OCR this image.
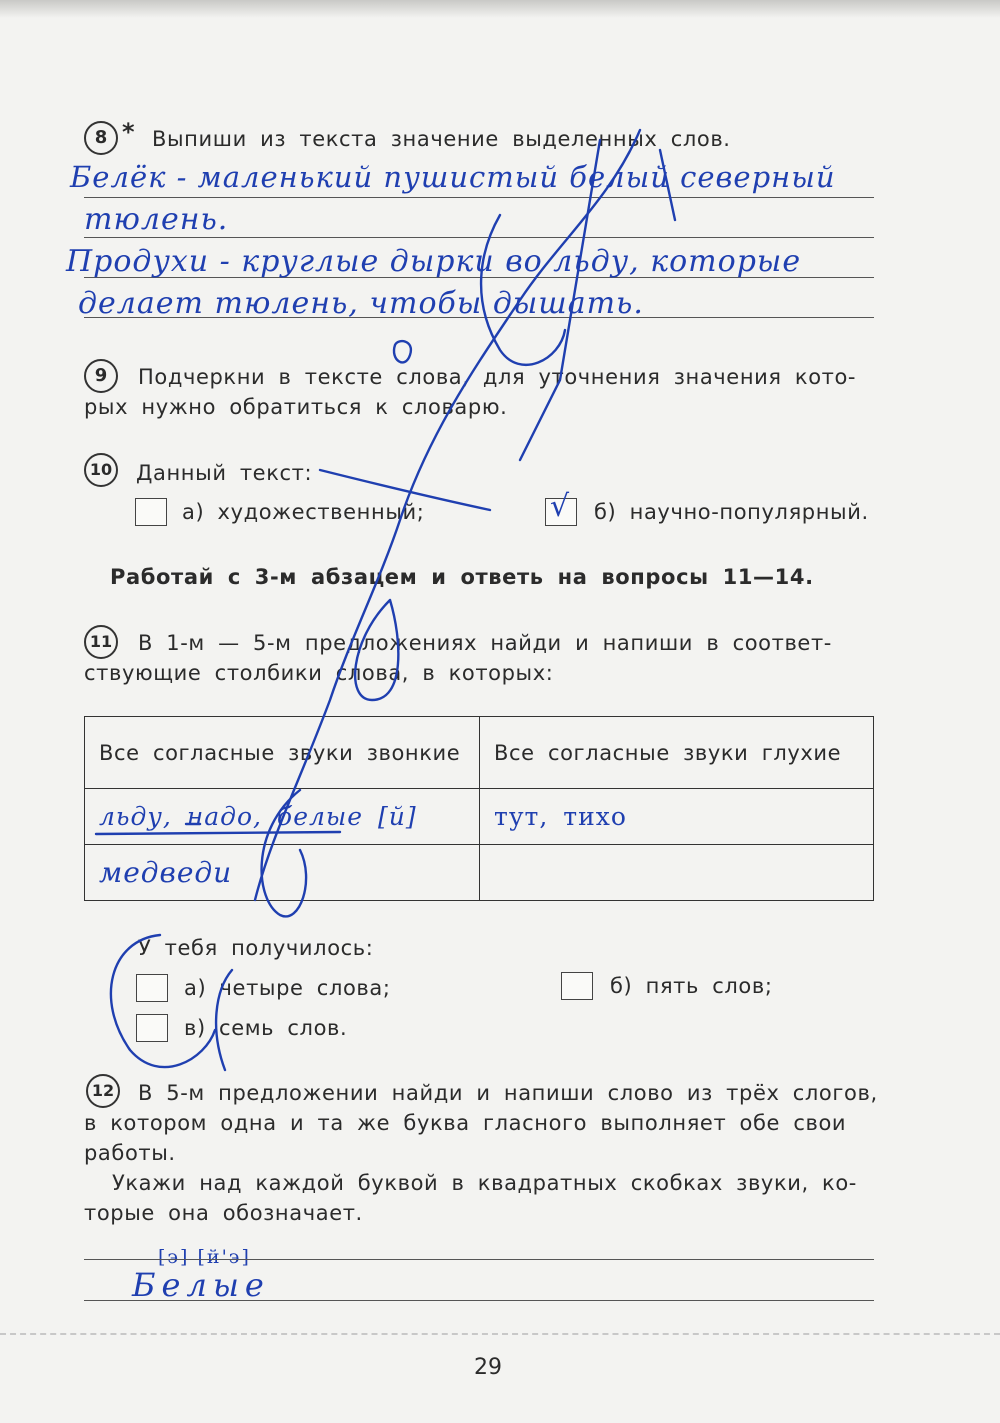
8 * Выпиши из текста значение выделенных слов.
Белёк - маленький пушистый белый северный
тюлень.
Продухи - круглые дырки во льду, которые
делает тюлень, чтобы дышать.
9	Подчеркни в тексте слова, для уточнения значения кото-
рых нужно обратиться к словарю.
10 Данный текст:
а) художественный;	√ б) научно-популярный.
Работай с 3-м абзацем и ответь на вопросы 11—14.
11 В 1-м — 5-м предложениях найди и напиши в соответ-
ствующие столбики слова, в которых:
Все согласные звуки звонкие	Все согласные звуки глухие
льду, надо, белые [й]	тут, тихо
медведи	
У тебя получилось:
а) четыре слова;	б) пять слов;
в) семь слов.
12 В 5-м предложении найди и напиши слово из трёх слогов,
в котором одна и та же буква гласного выполняет обе свои
работы.
Укажи над каждой буквой в квадратных скобках звуки, ко-
торые она обозначает.
[э] [й'э]
Белые
29
